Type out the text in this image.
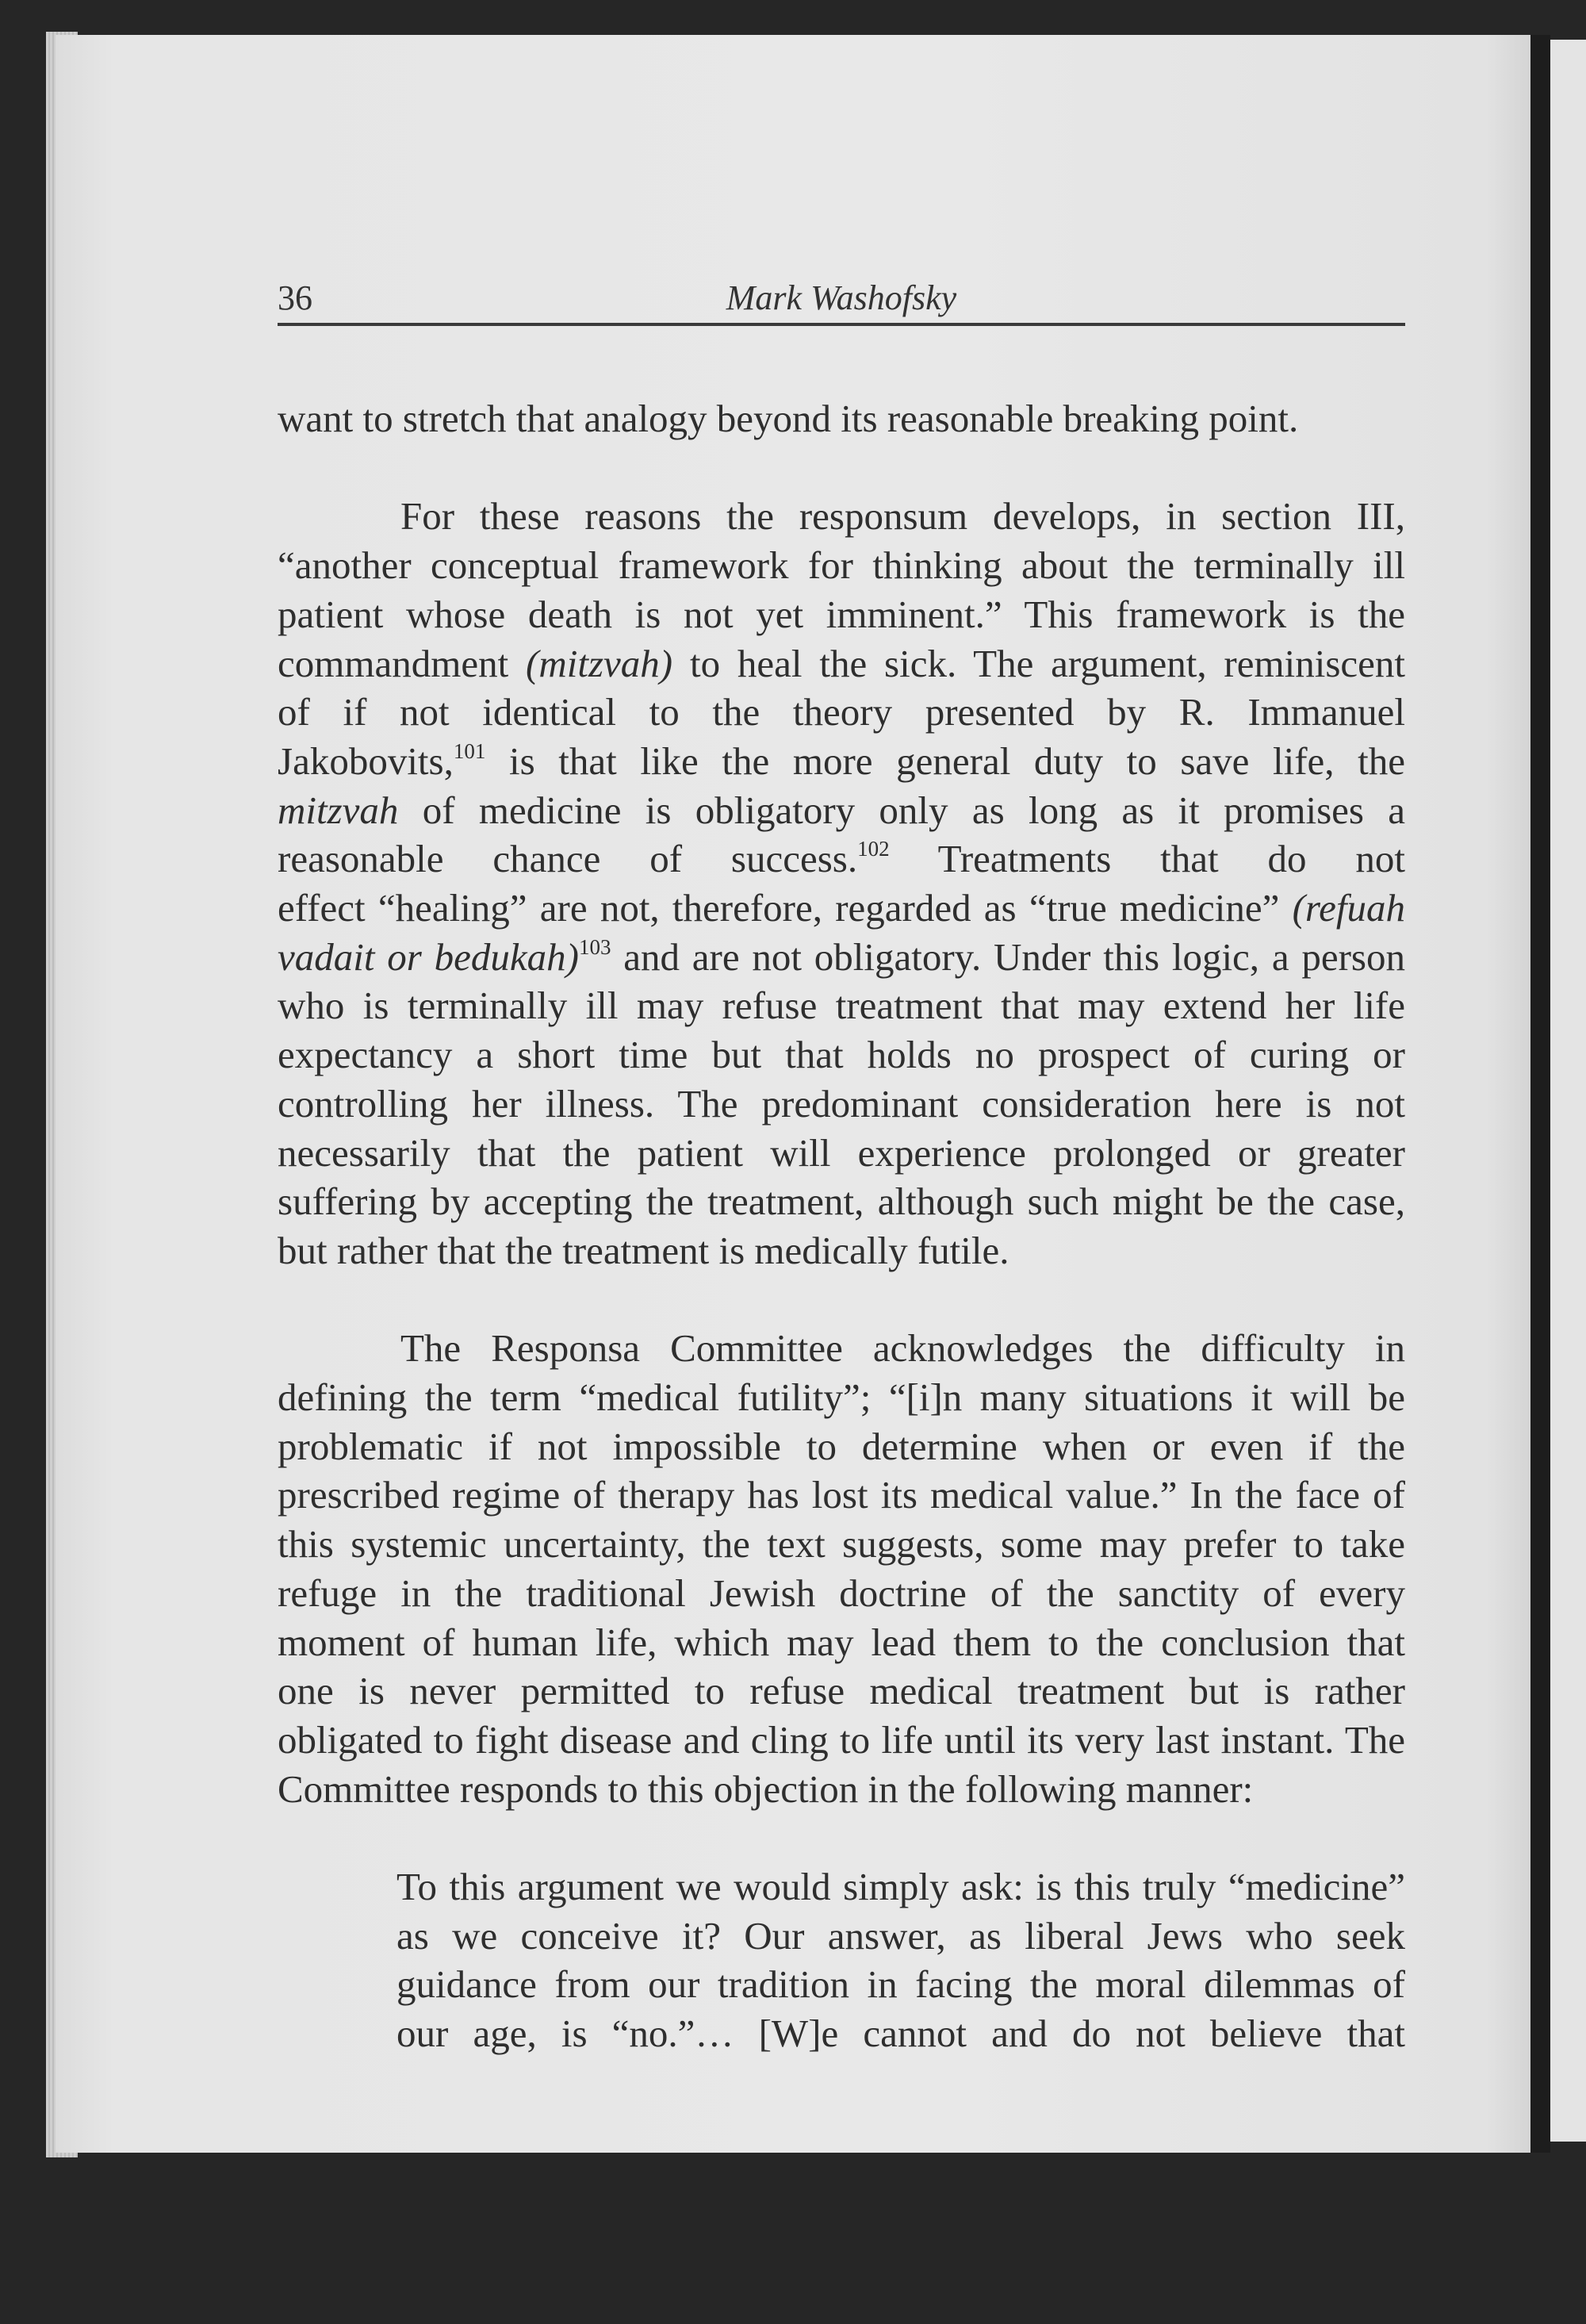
36	Mark Washofsky
want to stretch that analogy beyond its reasonable breaking point.
For these reasons the responsum develops, in section III,
“another conceptual framework for thinking about the terminally ill
patient whose death is not yet imminent.” This framework is the
commandment (mitzvah) to heal the sick. The argument, reminiscent
of if not identical to the theory presented by R. Immanuel
Jakobovits,$^{101}$ is that like the more general duty to save life, the
mitzvah of medicine is obligatory only as long as it promises a
reasonable chance of success.$^{102}$ Treatments that do not
effect “healing” are not, therefore, regarded as “true medicine” (refuah
vadait or bedukah)$^{103}$ and are not obligatory. Under this logic, a person
who is terminally ill may refuse treatment that may extend her life
expectancy a short time but that holds no prospect of curing or
controlling her illness. The predominant consideration here is not
necessarily that the patient will experience prolonged or greater
suffering by accepting the treatment, although such might be the case,
but rather that the treatment is medically futile.
The Responsa Committee acknowledges the difficulty in
defining the term “medical futility”; “[i]n many situations it will be
problematic if not impossible to determine when or even if the
prescribed regime of therapy has lost its medical value.” In the face of
this systemic uncertainty, the text suggests, some may prefer to take
refuge in the traditional Jewish doctrine of the sanctity of every
moment of human life, which may lead them to the conclusion that
one is never permitted to refuse medical treatment but is rather
obligated to fight disease and cling to life until its very last instant. The
Committee responds to this objection in the following manner:
To this argument we would simply ask: is this truly “medicine”
as we conceive it? Our answer, as liberal Jews who seek
guidance from our tradition in facing the moral dilemmas of
our age, is “no.”… [W]e cannot and do not believe that
